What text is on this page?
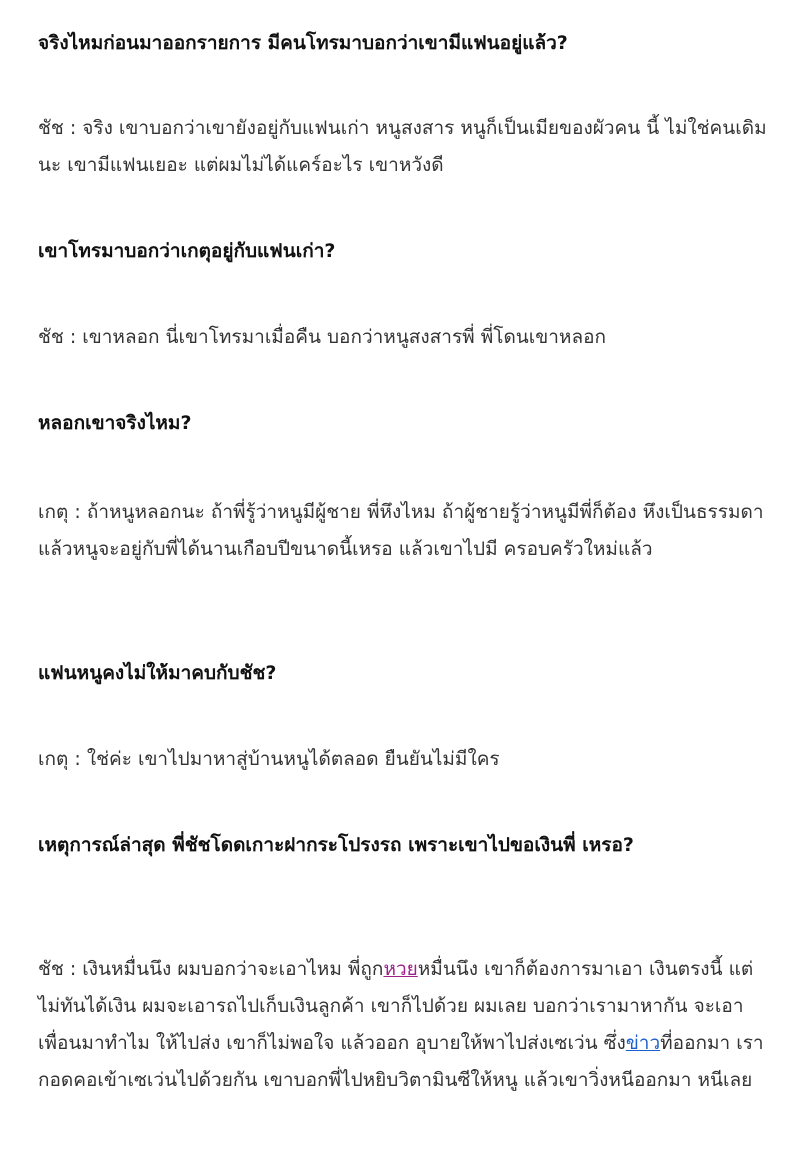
จริงไหมก่อนมาออกรายการ มีคนโทรมาบอกว่าเขามีแฟนอยู่แล้ว?

ชัช : จริง เขาบอกว่าเขายังอยู่กับแฟนเก่า หนูสงสาร หนูก็เป็นเมียของผัวคน นี้ ไม่ใช่คนเดิมนะ เขามีแฟนเยอะ แต่ผมไม่ได้แคร์อะไร เขาหวังดี

เขาโทรมาบอกว่าเกตุอยู่กับแฟนเก่า?

ชัช : เขาหลอก นี่เขาโทรมาเมื่อคืน บอกว่าหนูสงสารพี่ พี่โดนเขาหลอก

หลอกเขาจริงไหม?

เกตุ : ถ้าหนูหลอกนะ ถ้าพี่รู้ว่าหนูมีผู้ชาย พี่หึงไหม ถ้าผู้ชายรู้ว่าหนูมีพี่ก็ต้อง หึงเป็นธรรมดา แล้วหนูจะอยู่กับพี่ได้นานเกือบปีขนาดนี้เหรอ แล้วเขาไปมี ครอบครัวใหม่แล้ว

แฟนหนูคงไม่ให้มาคบกับชัช?

เกตุ : ใช่ค่ะ เขาไปมาหาสู่บ้านหนูได้ตลอด ยืนยันไม่มีใคร

เหตุการณ์ล่าสุด พี่ชัชโดดเกาะฝากระโปรงรถ เพราะเขาไปขอเงินพี่ เหรอ?

ชัช : เงินหมื่นนึง ผมบอกว่าจะเอาไหม พี่ถูกหวยหมื่นนึง เขาก็ต้องการมาเอา เงินตรงนี้ แต่ไม่ทันได้เงิน ผมจะเอารถไปเก็บเงินลูกค้า เขาก็ไปด้วย ผมเลย บอกว่าเรามาหากัน จะเอาเพื่อนมาทำไม ให้ไปส่ง เขาก็ไม่พอใจ แล้วออก อุบายให้พาไปส่งเซเว่น ซึ่งข่าวที่ออกมา เรากอดคอเข้าเซเว่นไปด้วยกัน เขาบอกพี่ไปหยิบวิตามินซีให้หนู แล้วเขาวิ่งหนีออกมา หนีเลย
